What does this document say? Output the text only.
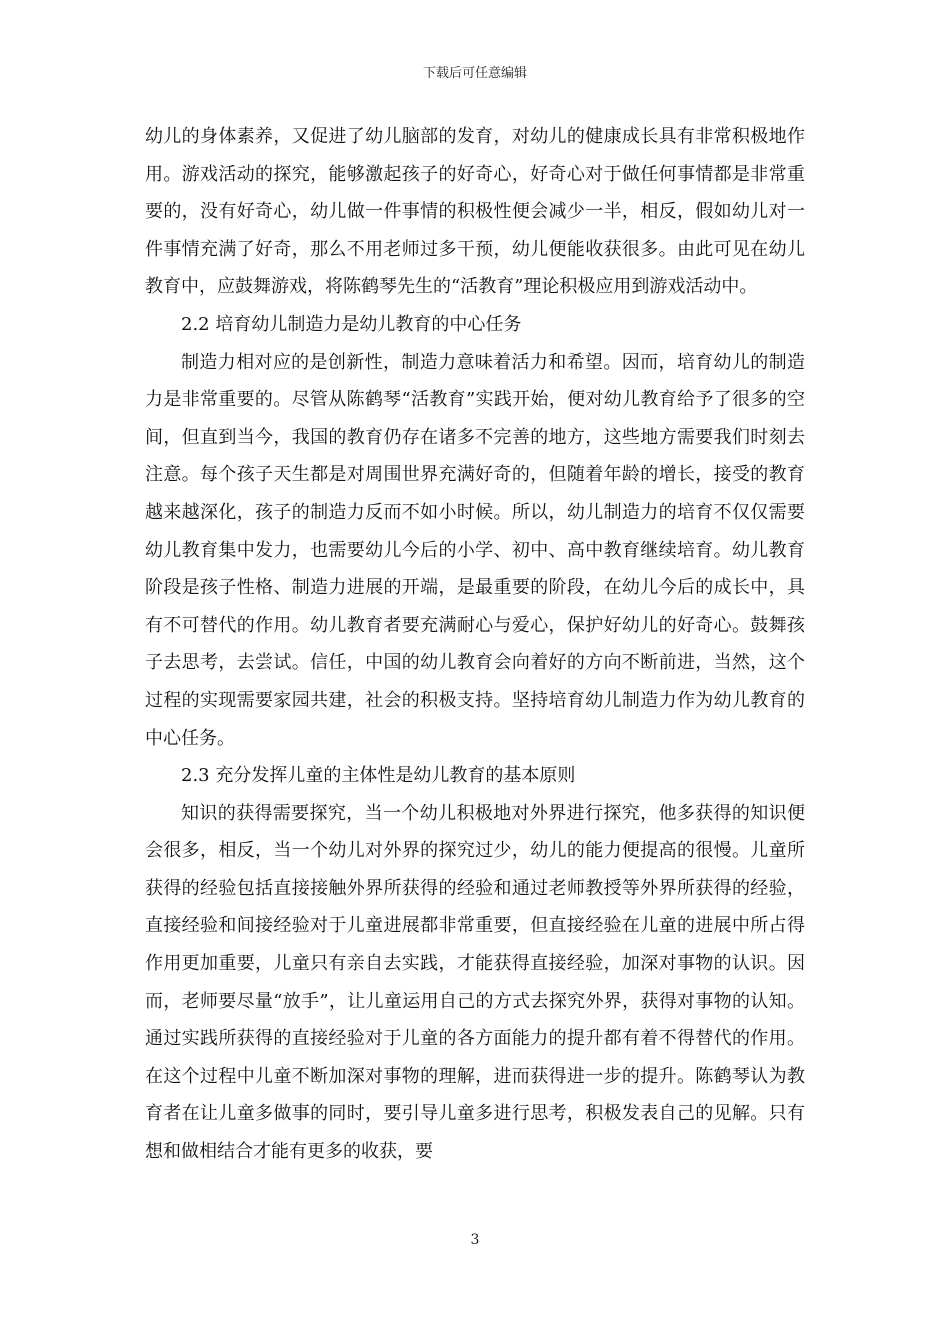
下载后可任意编辑

幼儿的身体素养，又促进了幼儿脑部的发育，对幼儿的健康成长具有非常积极地作用。游戏活动的探究，能够激起孩子的好奇心，好奇心对于做任何事情都是非常重要的，没有好奇心，幼儿做一件事情的积极性便会减少一半，相反，假如幼儿对一件事情充满了好奇，那么不用老师过多干预，幼儿便能收获很多。由此可见在幼儿教育中，应鼓舞游戏，将陈鹤琴先生的“活教育”理论积极应用到游戏活动中。

2.2 培育幼儿制造力是幼儿教育的中心任务

制造力相对应的是创新性，制造力意味着活力和希望。因而，培育幼儿的制造力是非常重要的。尽管从陈鹤琴“活教育”实践开始，便对幼儿教育给予了很多的空间，但直到当今，我国的教育仍存在诸多不完善的地方，这些地方需要我们时刻去注意。每个孩子天生都是对周围世界充满好奇的，但随着年龄的增长，接受的教育越来越深化，孩子的制造力反而不如小时候。所以，幼儿制造力的培育不仅仅需要幼儿教育集中发力，也需要幼儿今后的小学、初中、高中教育继续培育。幼儿教育阶段是孩子性格、制造力进展的开端，是最重要的阶段，在幼儿今后的成长中，具有不可替代的作用。幼儿教育者要充满耐心与爱心，保护好幼儿的好奇心。鼓舞孩子去思考，去尝试。信任，中国的幼儿教育会向着好的方向不断前进，当然，这个过程的实现需要家园共建，社会的积极支持。坚持培育幼儿制造力作为幼儿教育的中心任务。

2.3 充分发挥儿童的主体性是幼儿教育的基本原则

知识的获得需要探究，当一个幼儿积极地对外界进行探究，他多获得的知识便会很多，相反，当一个幼儿对外界的探究过少，幼儿的能力便提高的很慢。儿童所获得的经验包括直接接触外界所获得的经验和通过老师教授等外界所获得的经验，直接经验和间接经验对于儿童进展都非常重要，但直接经验在儿童的进展中所占得作用更加重要，儿童只有亲自去实践，才能获得直接经验，加深对事物的认识。因而，老师要尽量“放手”，让儿童运用自己的方式去探究外界，获得对事物的认知。通过实践所获得的直接经验对于儿童的各方面能力的提升都有着不得替代的作用。在这个过程中儿童不断加深对事物的理解，进而获得进一步的提升。陈鹤琴认为教育者在让儿童多做事的同时，要引导儿童多进行思考，积极发表自己的见解。只有想和做相结合才能有更多的收获，要

3
